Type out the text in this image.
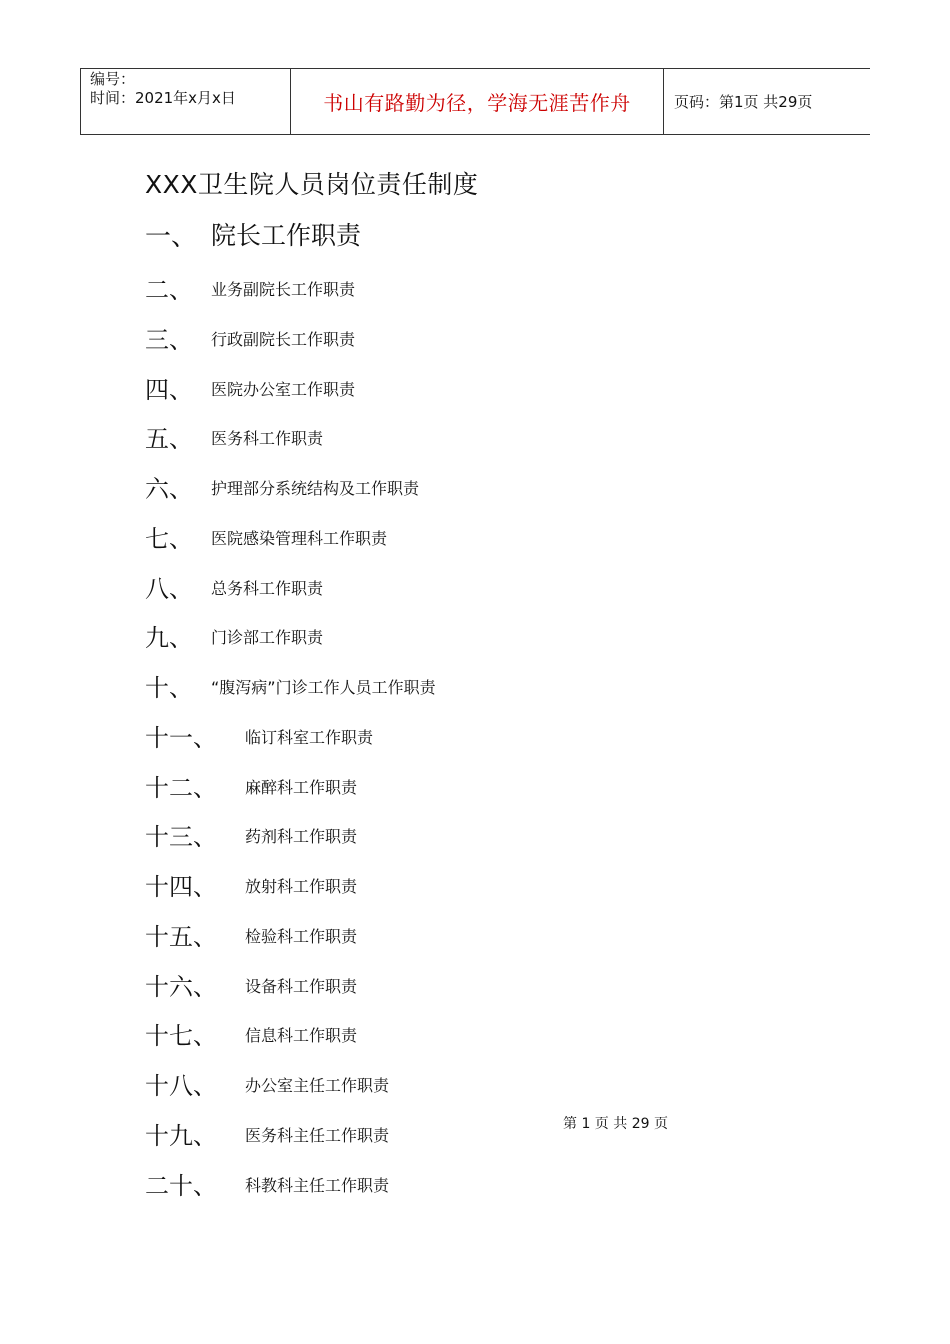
编号：
时间：2021年x月x日	书山有路勤为径，学海无涯苦作舟	页码：第1页 共29页
XXX卫生院人员岗位责任制度
一、 院长工作职责
二、 业务副院长工作职责
三、 行政副院长工作职责
四、 医院办公室工作职责
五、 医务科工作职责
六、 护理部分系统结构及工作职责
七、 医院感染管理科工作职责
八、 总务科工作职责
九、 门诊部工作职责
十、 “腹泻病”门诊工作人员工作职责
十一、 临订科室工作职责
十二、 麻醉科工作职责
十三、 药剂科工作职责
十四、 放射科工作职责
十五、 检验科工作职责
十六、 设备科工作职责
十七、 信息科工作职责
十八、 办公室主任工作职责
十九、 医务科主任工作职责
二十、 科教科主任工作职责
第 1 页 共 29 页
